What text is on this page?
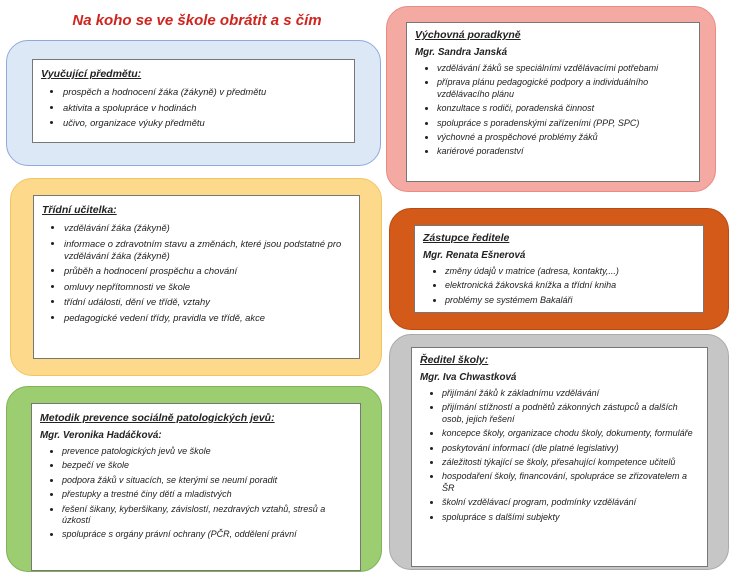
Na koho se ve škole obrátit a s čím
Vyučující předmětu:
• prospěch a hodnocení žáka (žákyně) v předmětu
• aktivita a spolupráce v hodinách
• učivo, organizace výuky předmětu
Třídní učitelka:
• vzdělávání žáka (žákyně)
• informace o zdravotním stavu a změnách, které jsou podstatné pro vzdělávání žáka (žákyně)
• průběh a hodnocení prospěchu a chování
• omluvy nepřítomnosti ve škole
• třídní události, dění ve třídě, vztahy
• pedagogické vedení třídy, pravidla ve třídě, akce
Metodik prevence sociálně patologických jevů:
Mgr. Veronika Hadáčková:
• prevence patologických jevů ve škole
• bezpečí ve škole
• podpora žáků v situacích, se kterými se neumí poradit
• přestupky a trestné činy dětí a mladistvých
• řešení šikany, kyberšikany, závislostí, nezdravých vztahů, stresů a úzkostí
• spolupráce s orgány právní ochrany (PČR, oddělení právní
Výchovná poradkyně
Mgr. Sandra Janská
• vzdělávání žáků se speciálními vzdělávacími potřebami
• příprava plánu pedagogické podpory a individuálního vzdělávacího plánu
• konzultace s rodiči, poradenská činnost
• spolupráce s poradenskými zařízeními (PPP, SPC)
• výchovné a prospěchové problémy žáků
• kariérové poradenství
Zástupce ředitele
Mgr. Renata Ešnerová
• změny údajů v matrice (adresa, kontakty,...)
• elektronická žákovská knížka a třídní kniha
• problémy se systémem Bakaláři
Ředitel školy:
Mgr. Iva Chwastková
• přijímání žáků k základnímu vzdělávání
• přijímání stížností a podnětů zákonných zástupců a dalších osob, jejich řešení
• koncepce školy, organizace chodu školy, dokumenty, formuláře
• poskytování informací (dle platné legislativy)
• záležitosti týkající se školy, přesahující kompetence učitelů
• hospodaření školy, financování, spolupráce se zřizovatelem a ŠR
• školní vzdělávací program, podmínky vzdělávání
• spolupráce s dalšími subjekty
